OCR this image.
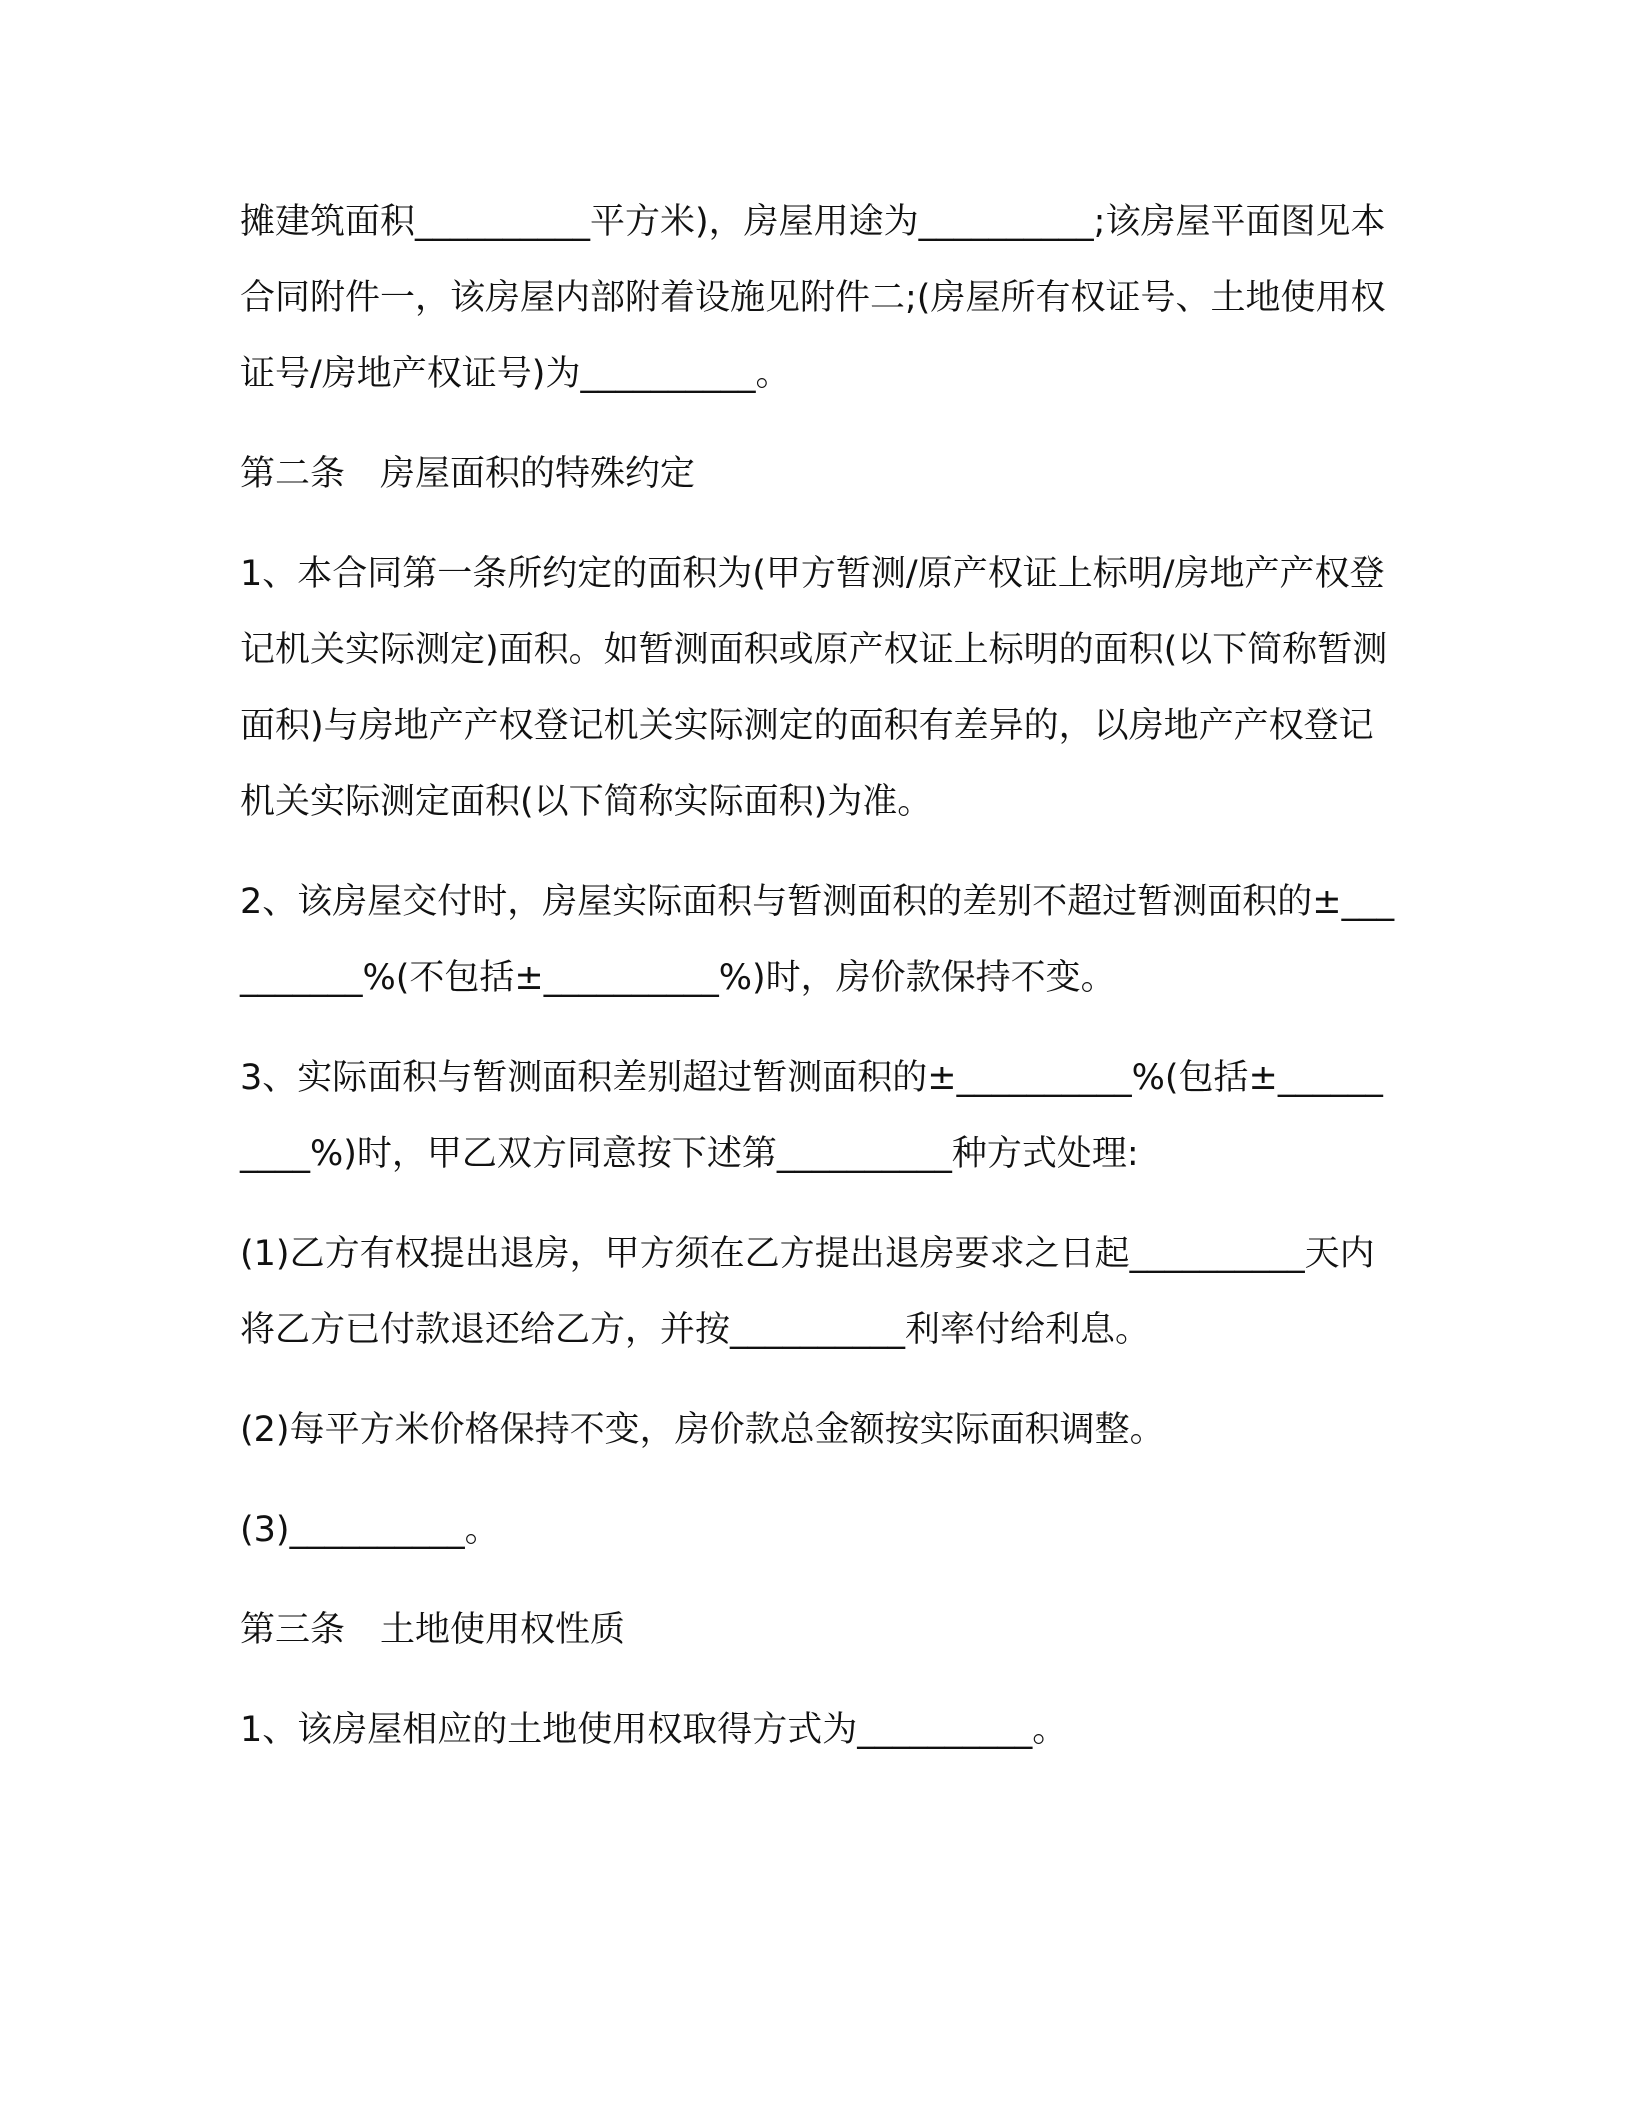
摊建筑面积__________平方米)，房屋用途为__________;该房屋平面图见本合同附件一，该房屋内部附着设施见附件二;(房屋所有权证号、土地使用权证号/房地产权证号)为__________。

第二条　房屋面积的特殊约定

1、本合同第一条所约定的面积为(甲方暂测/原产权证上标明/房地产产权登记机关实际测定)面积。如暂测面积或原产权证上标明的面积(以下简称暂测面积)与房地产产权登记机关实际测定的面积有差异的，以房地产产权登记机关实际测定面积(以下简称实际面积)为准。

2、该房屋交付时，房屋实际面积与暂测面积的差别不超过暂测面积的±__________%(不包括±__________%)时，房价款保持不变。

3、实际面积与暂测面积差别超过暂测面积的±__________%(包括±__________%)时，甲乙双方同意按下述第__________种方式处理:

(1)乙方有权提出退房，甲方须在乙方提出退房要求之日起__________天内将乙方已付款退还给乙方，并按__________利率付给利息。

(2)每平方米价格保持不变，房价款总金额按实际面积调整。

(3)__________。

第三条　土地使用权性质

1、该房屋相应的土地使用权取得方式为__________。
